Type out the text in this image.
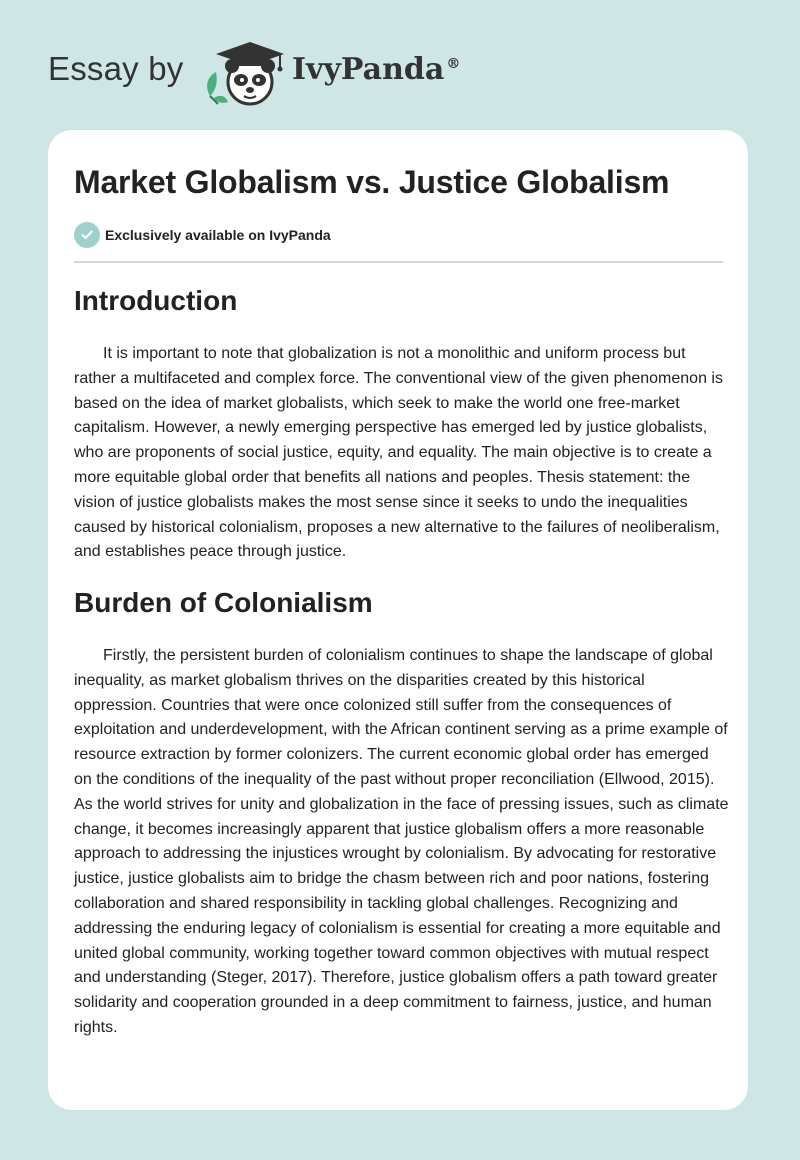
Essay by	IvyPanda ®
Market Globalism vs. Justice Globalism
Exclusively available on IvyPanda
Introduction

It is important to note that globalization is not a monolithic and uniform process but rather a multifaceted and complex force. The conventional view of the given phenomenon is based on the idea of market globalists, which seek to make the world one free-market capitalism. However, a newly emerging perspective has emerged led by justice globalists, who are proponents of social justice, equity, and equality. The main objective is to create a more equitable global order that benefits all nations and peoples. Thesis statement: the vision of justice globalists makes the most sense since it seeks to undo the inequalities caused by historical colonialism, proposes a new alternative to the failures of neoliberalism, and establishes peace through justice.

Burden of Colonialism

Firstly, the persistent burden of colonialism continues to shape the landscape of global inequality, as market globalism thrives on the disparities created by this historical oppression. Countries that were once colonized still suffer from the consequences of exploitation and underdevelopment, with the African continent serving as a prime example of resource extraction by former colonizers. The current economic global order has emerged on the conditions of the inequality of the past without proper reconciliation (Ellwood, 2015). As the world strives for unity and globalization in the face of pressing issues, such as climate change, it becomes increasingly apparent that justice globalism offers a more reasonable approach to addressing the injustices wrought by colonialism. By advocating for restorative justice, justice globalists aim to bridge the chasm between rich and poor nations, fostering collaboration and shared responsibility in tackling global challenges. Recognizing and addressing the enduring legacy of colonialism is essential for creating a more equitable and united global community, working together toward common objectives with mutual respect and understanding (Steger, 2017). Therefore, justice globalism offers a path toward greater solidarity and cooperation grounded in a deep commitment to fairness, justice, and human rights.
